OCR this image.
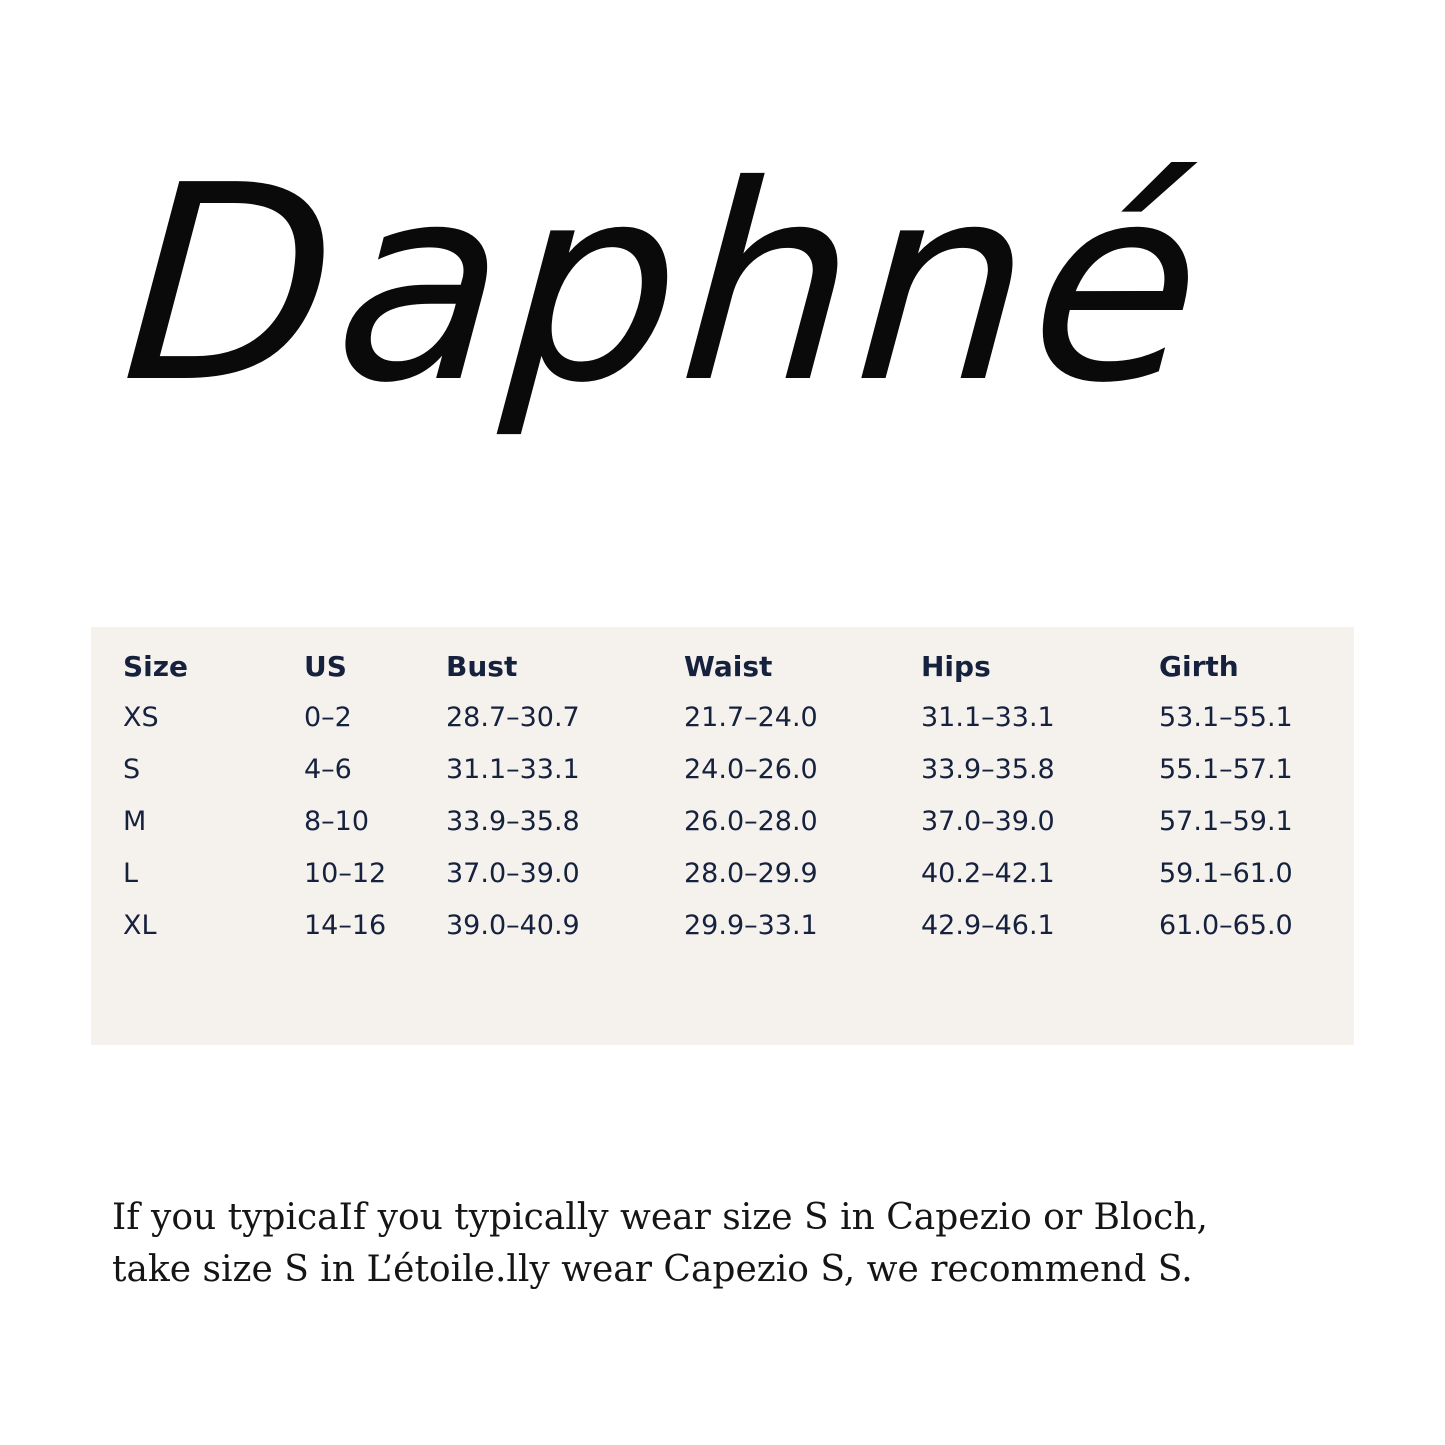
Daphné
Size	US	Bust	Waist	Hips	Girth
XS	0–2	28.7–30.7	21.7–24.0	31.1–33.1	53.1–55.1
S	4–6	31.1–33.1	24.0–26.0	33.9–35.8	55.1–57.1
M	8–10	33.9–35.8	26.0–28.0	37.0–39.0	57.1–59.1
L	10–12	37.0–39.0	28.0–29.9	40.2–42.1	59.1–61.0
XL	14–16	39.0–40.9	29.9–33.1	42.9–46.1	61.0–65.0
If you typicaIf you typically wear size S in Capezio or Bloch,
take size S in L’étoile.lly wear Capezio S, we recommend S.
